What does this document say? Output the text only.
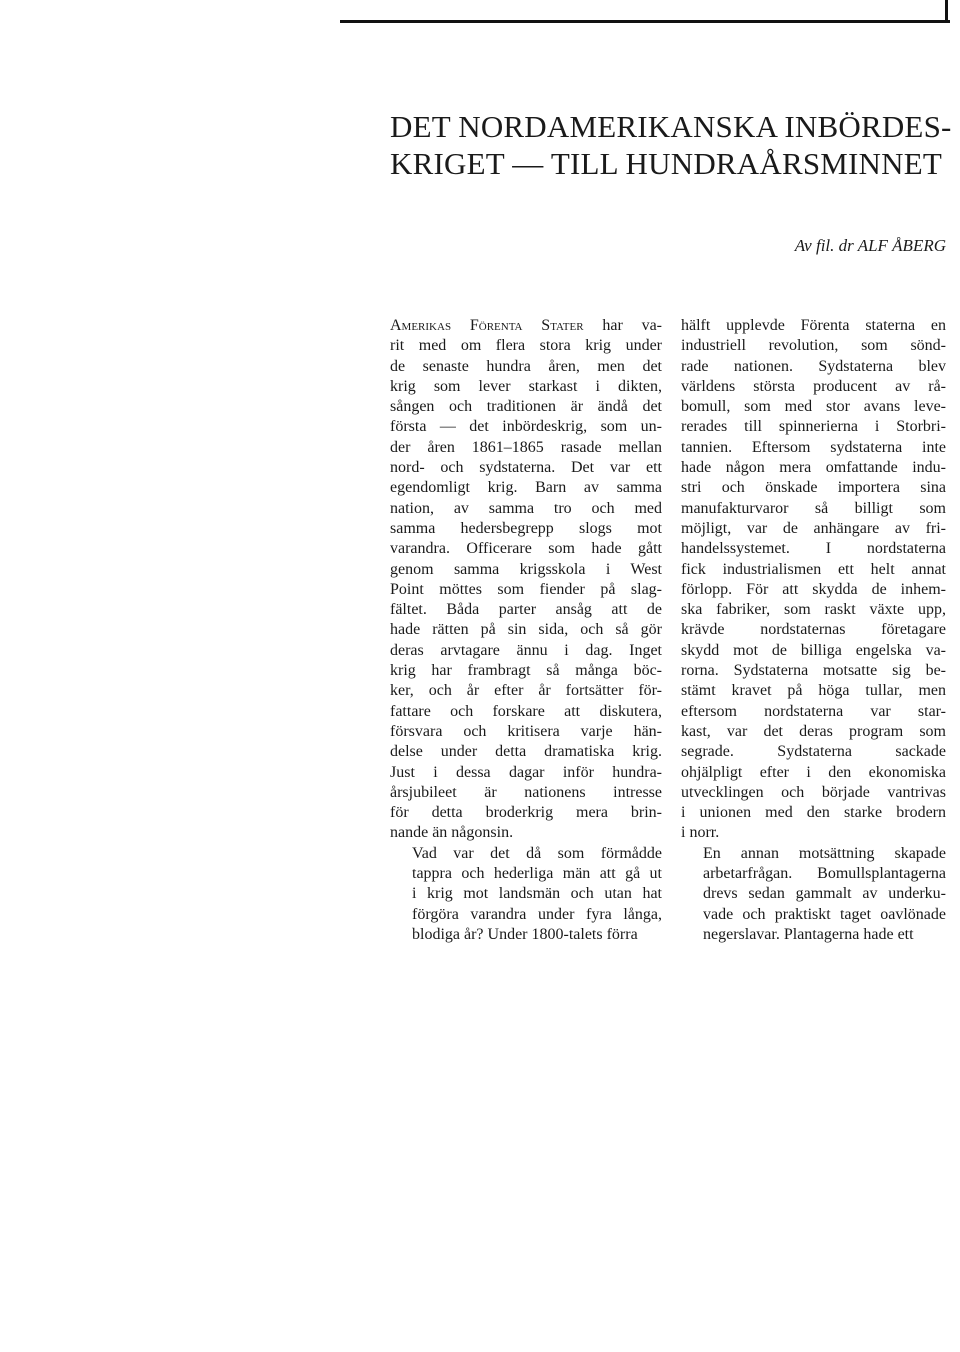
DET NORDAMERIKANSKA INBÖRDES-
KRIGET — TILL HUNDRAÅRSMINNET
Av fil. dr ALF ÅBERG

Amerikas Förenta Stater har va-
rit med om flera stora krig under
de senaste hundra åren, men det
krig som lever starkast i dikten,
sången och traditionen är ändå det
första — det inbördeskrig, som un-
der åren 1861–1865 rasade mellan
nord- och sydstaterna. Det var ett
egendomligt krig. Barn av samma
nation, av samma tro och med
samma hedersbegrepp slogs mot
varandra. Officerare som hade gått
genom samma krigsskola i West
Point möttes som fiender på slag-
fältet. Båda parter ansåg att de
hade rätten på sin sida, och så gör
deras arvtagare ännu i dag. Inget
krig har frambragt så många böc-
ker, och år efter år fortsätter för-
fattare och forskare att diskutera,
försvara och kritisera varje hän-
delse under detta dramatiska krig.
Just i dessa dagar inför hundra-
årsjubileet är nationens intresse
för detta broderkrig mera brin-
nande än någonsin.

Vad var det då som förmådde
tappra och hederliga män att gå ut
i krig mot landsmän och utan hat
förgöra varandra under fyra långa,
blodiga år? Under 1800-talets förra

hälft upplevde Förenta staterna en
industriell revolution, som sönd-
rade nationen. Sydstaterna blev
världens största producent av rå-
bomull, som med stor avans leve-
rerades till spinnerierna i Storbri-
tannien. Eftersom sydstaterna inte
hade någon mera omfattande indu-
stri och önskade importera sina
manufakturvaror så billigt som
möjligt, var de anhängare av fri-
handelssystemet. I nordstaterna
fick industrialismen ett helt annat
förlopp. För att skydda de inhem-
ska fabriker, som raskt växte upp,
krävde nordstaternas företagare
skydd mot de billiga engelska va-
rorna. Sydstaterna motsatte sig be-
stämt kravet på höga tullar, men
eftersom nordstaterna var star-
kast, var det deras program som
segrade. Sydstaterna sackade
ohjälpligt efter i den ekonomiska
utvecklingen och började vantrivas
i unionen med den starke brodern
i norr.

En annan motsättning skapade
arbetarfrågan. Bomullsplantagerna
drevs sedan gammalt av underku-
vade och praktiskt taget oavlönade
negerslavar. Plantagerna hade ett
